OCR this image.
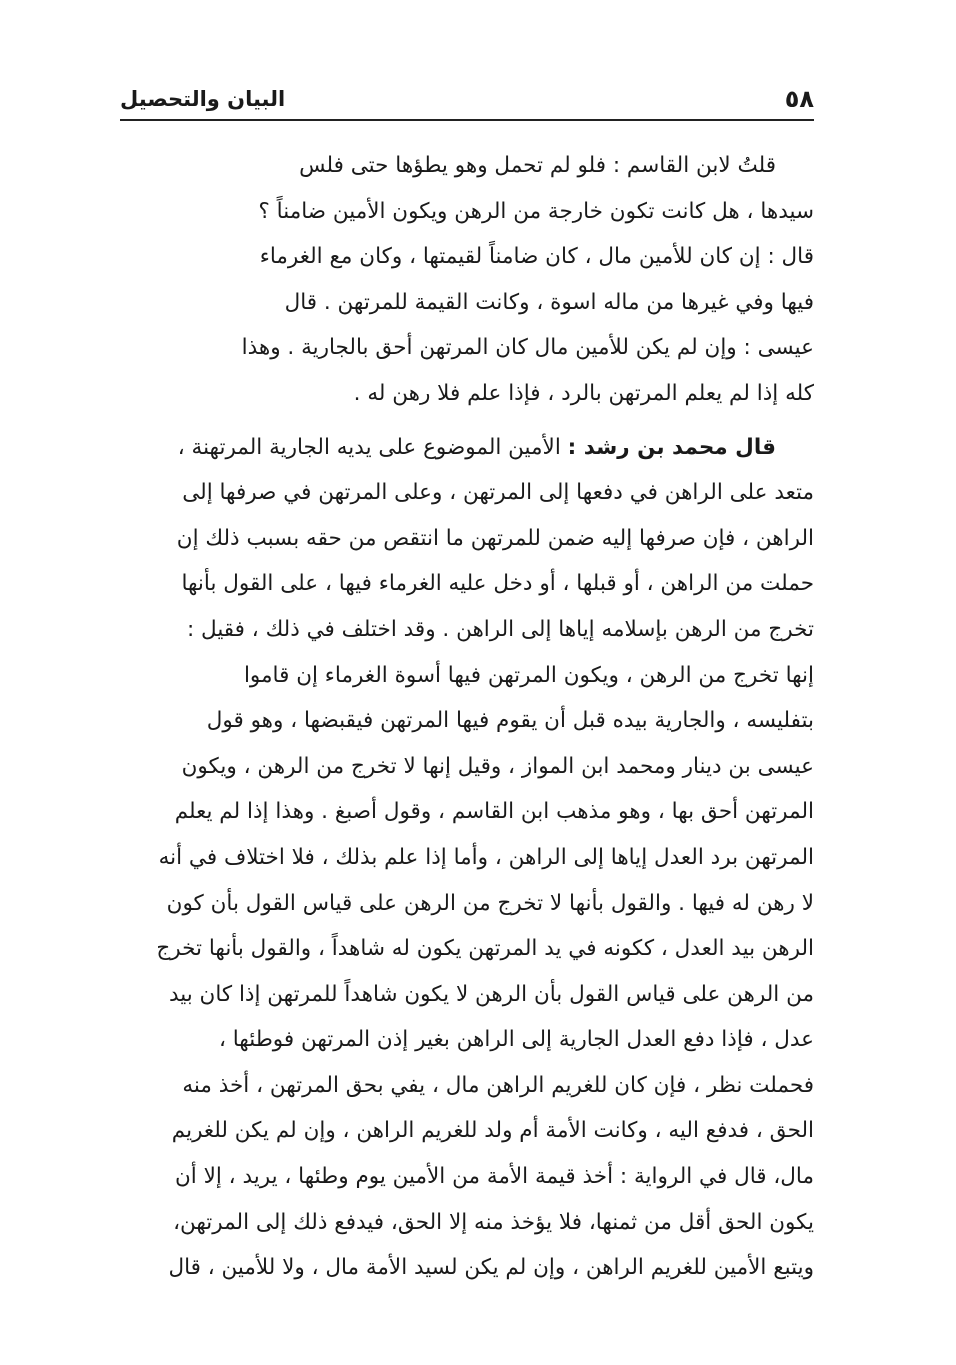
٥٨
البيان والتحصيل
قلتُ لابن القاسم : فلو لم تحمل وهو يطؤها حتى فلس
سيدها ، هل كانت تكون خارجة من الرهن ويكون الأمين ضامناً ؟
قال : إن كان للأمين مال ، كان ضامناً لقيمتها ، وكان مع الغرماء
فيها وفي غيرها من ماله اسوة ، وكانت القيمة للمرتهن . قال
عيسى : وإن لم يكن للأمين مال كان المرتهن أحق بالجارية . وهذا
كله إذا لم يعلم المرتهن بالرد ، فإذا علم فلا رهن له .
قال محمد بن رشد : الأمين الموضوع على يديه الجارية المرتهنة ،
متعد على الراهن في دفعها إلى المرتهن ، وعلى المرتهن في صرفها إلى
الراهن ، فإن صرفها إليه ضمن للمرتهن ما انتقص من حقه بسبب ذلك إن
حملت من الراهن ، أو قبلها ، أو دخل عليه الغرماء فيها ، على القول بأنها
تخرج من الرهن بإسلامه إياها إلى الراهن . وقد اختلف في ذلك ، فقيل :
إنها تخرج من الرهن ، ويكون المرتهن فيها أسوة الغرماء إن قاموا
بتفليسه ، والجارية بيده قبل أن يقوم فيها المرتهن فيقبضها ، وهو قول
عيسى بن دينار ومحمد ابن المواز ، وقيل إنها لا تخرج من الرهن ، ويكون
المرتهن أحق بها ، وهو مذهب ابن القاسم ، وقول أصبغ . وهذا إذا لم يعلم
المرتهن برد العدل إياها إلى الراهن ، وأما إذا علم بذلك ، فلا اختلاف في أنه
لا رهن له فيها . والقول بأنها لا تخرج من الرهن على قياس القول بأن كون
الرهن بيد العدل ، ككونه في يد المرتهن يكون له شاهداً ، والقول بأنها تخرج
من الرهن على قياس القول بأن الرهن لا يكون شاهداً للمرتهن إذا كان بيد
عدل ، فإذا دفع العدل الجارية إلى الراهن بغير إذن المرتهن فوطئها ،
فحملت نظر ، فإن كان للغريم الراهن مال ، يفي بحق المرتهن ، أخذ منه
الحق ، فدفع اليه ، وكانت الأمة أم ولد للغريم الراهن ، وإن لم يكن للغريم
مال، قال في الرواية : أخذ قيمة الأمة من الأمين يوم وطئها ، يريد ، إلا أن
يكون الحق أقل من ثمنها، فلا يؤخذ منه إلا الحق، فيدفع ذلك إلى المرتهن،
ويتبع الأمين للغريم الراهن ، وإن لم يكن لسيد الأمة مال ، ولا للأمين ، قال
